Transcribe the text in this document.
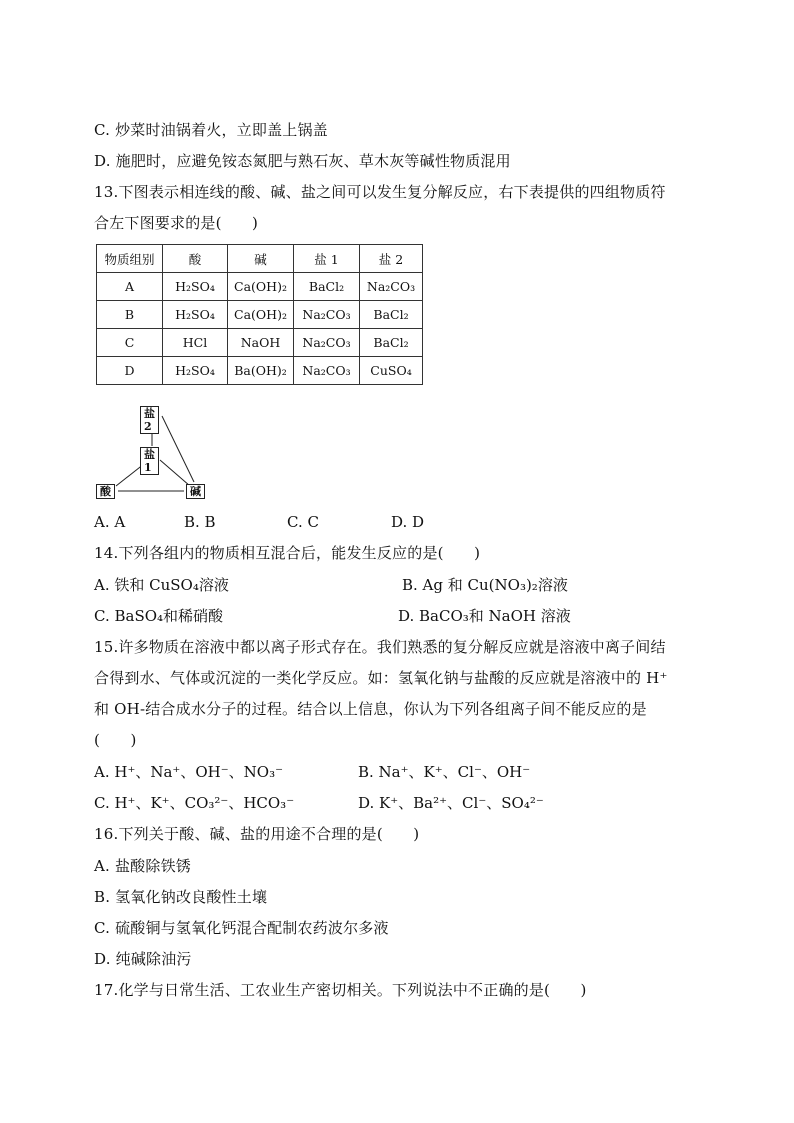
C. 炒菜时油锅着火，立即盖上锅盖
D. 施肥时，应避免铵态氮肥与熟石灰、草木灰等碱性物质混用
13.下图表示相连线的酸、碱、盐之间可以发生复分解反应，右下表提供的四组物质符
合左下图要求的是(　　)
物质组别	酸	碱	盐 1	盐 2
A	H₂SO₄	Ca(OH)₂	BaCl₂	Na₂CO₃
B	H₂SO₄	Ca(OH)₂	Na₂CO₃	BaCl₂
C	HCl	NaOH	Na₂CO₃	BaCl₂
D	H₂SO₄	Ba(OH)₂	Na₂CO₃	CuSO₄
盐2
盐1
酸	碱
A. A	B. B	C. C	D. D
14.下列各组内的物质相互混合后，能发生反应的是(　　)
A. 铁和 CuSO₄溶液	B. Ag 和 Cu(NO₃)₂溶液
C. BaSO₄和稀硝酸	D. BaCO₃和 NaOH 溶液
15.许多物质在溶液中都以离子形式存在。我们熟悉的复分解反应就是溶液中离子间结
合得到水、气体或沉淀的一类化学反应。如：氢氧化钠与盐酸的反应就是溶液中的 H⁺
和 OH-结合成水分子的过程。结合以上信息，你认为下列各组离子间不能反应的是
(　　)
A. H⁺、Na⁺、OH⁻、NO₃⁻	B. Na⁺、K⁺、Cl⁻、OH⁻
C. H⁺、K⁺、CO₃²⁻、HCO₃⁻	D. K⁺、Ba²⁺、Cl⁻、SO₄²⁻
16.下列关于酸、碱、盐的用途不合理的是(　　)
A. 盐酸除铁锈
B. 氢氧化钠改良酸性土壤
C. 硫酸铜与氢氧化钙混合配制农药波尔多液
D. 纯碱除油污
17.化学与日常生活、工农业生产密切相关。下列说法中不正确的是(　　)
